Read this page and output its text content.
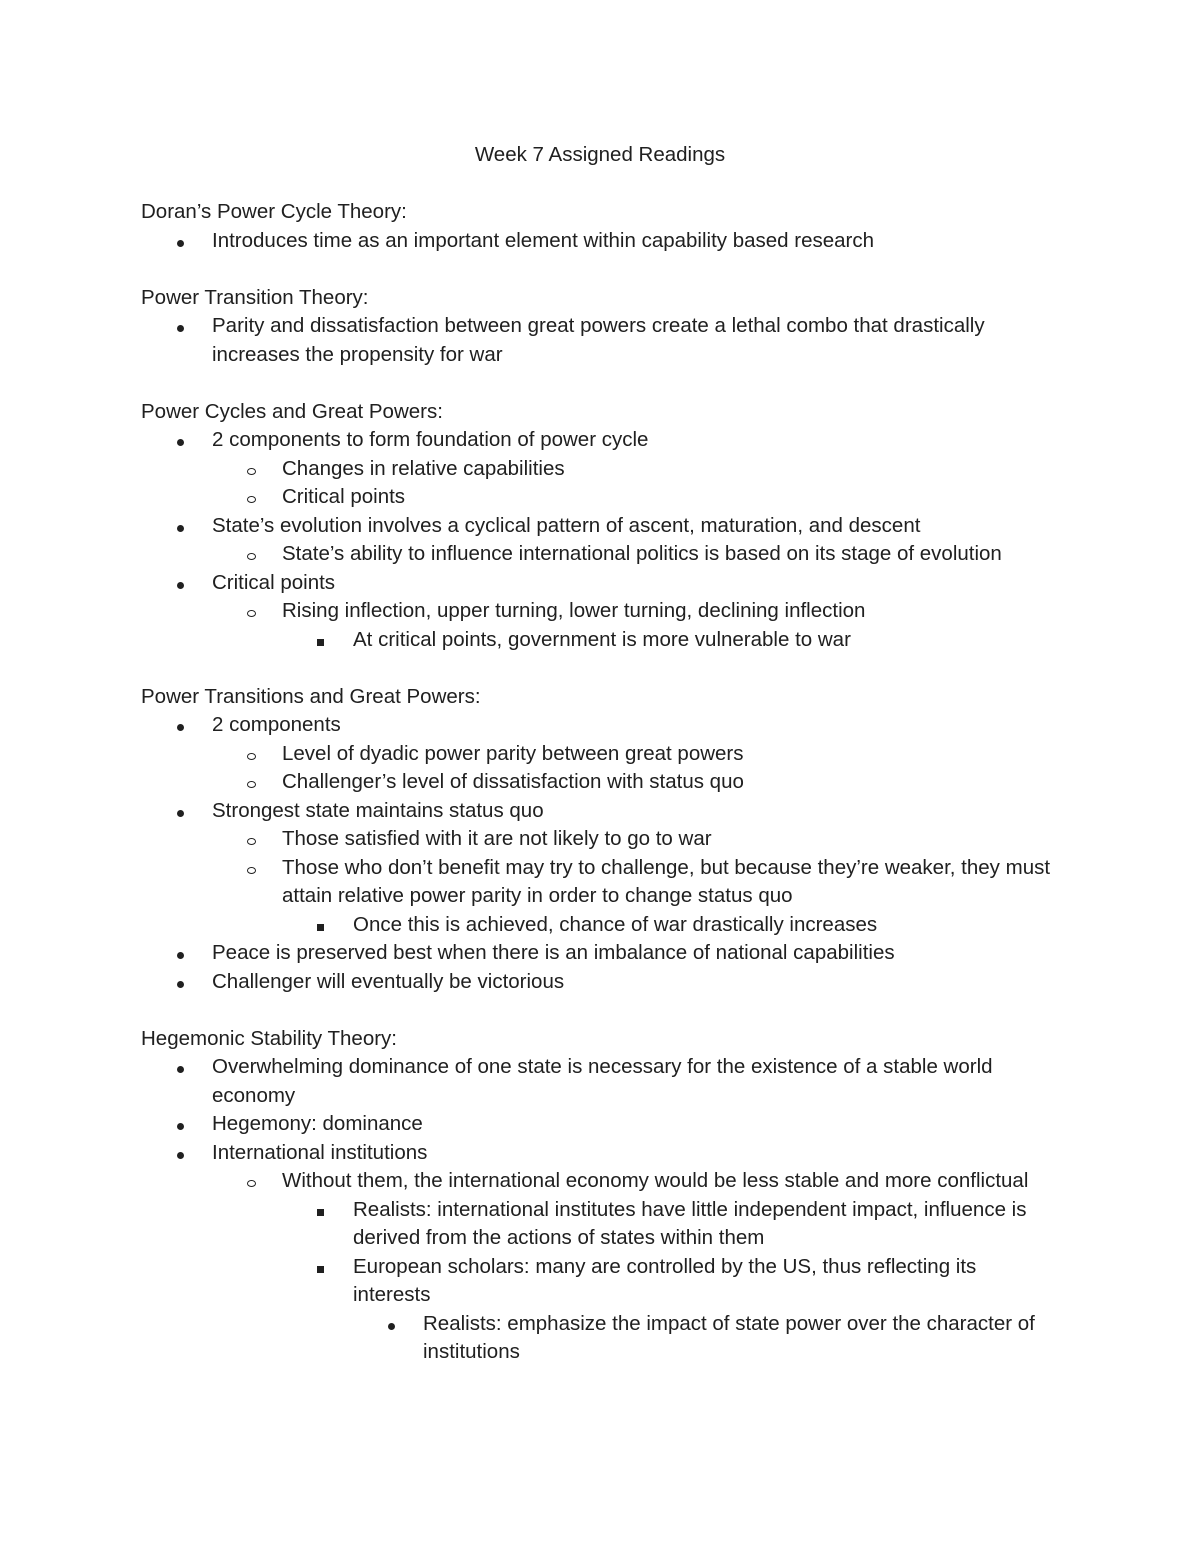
Week 7 Assigned Readings
Doran’s Power Cycle Theory:
Introduces time as an important element within capability based research
Power Transition Theory:
Parity and dissatisfaction between great powers create a lethal combo that drastically increases the propensity for war
Power Cycles and Great Powers:
2 components to form foundation of power cycle
Changes in relative capabilities
Critical points
State’s evolution involves a cyclical pattern of ascent, maturation, and descent
State’s ability to influence international politics is based on its stage of evolution
Critical points
Rising inflection, upper turning, lower turning, declining inflection
At critical points, government is more vulnerable to war
Power Transitions and Great Powers:
2 components
Level of dyadic power parity between great powers
Challenger’s level of dissatisfaction with status quo
Strongest state maintains status quo
Those satisfied with it are not likely to go to war
Those who don’t benefit may try to challenge, but because they’re weaker, they must attain relative power parity in order to change status quo
Once this is achieved, chance of war drastically increases
Peace is preserved best when there is an imbalance of national capabilities
Challenger will eventually be victorious
Hegemonic Stability Theory:
Overwhelming dominance of one state is necessary for the existence of a stable world economy
Hegemony: dominance
International institutions
Without them, the international economy would be less stable and more conflictual
Realists: international institutes have little independent impact, influence is derived from the actions of states within them
European scholars: many are controlled by the US, thus reflecting its interests
Realists: emphasize the impact of state power over the character of institutions
